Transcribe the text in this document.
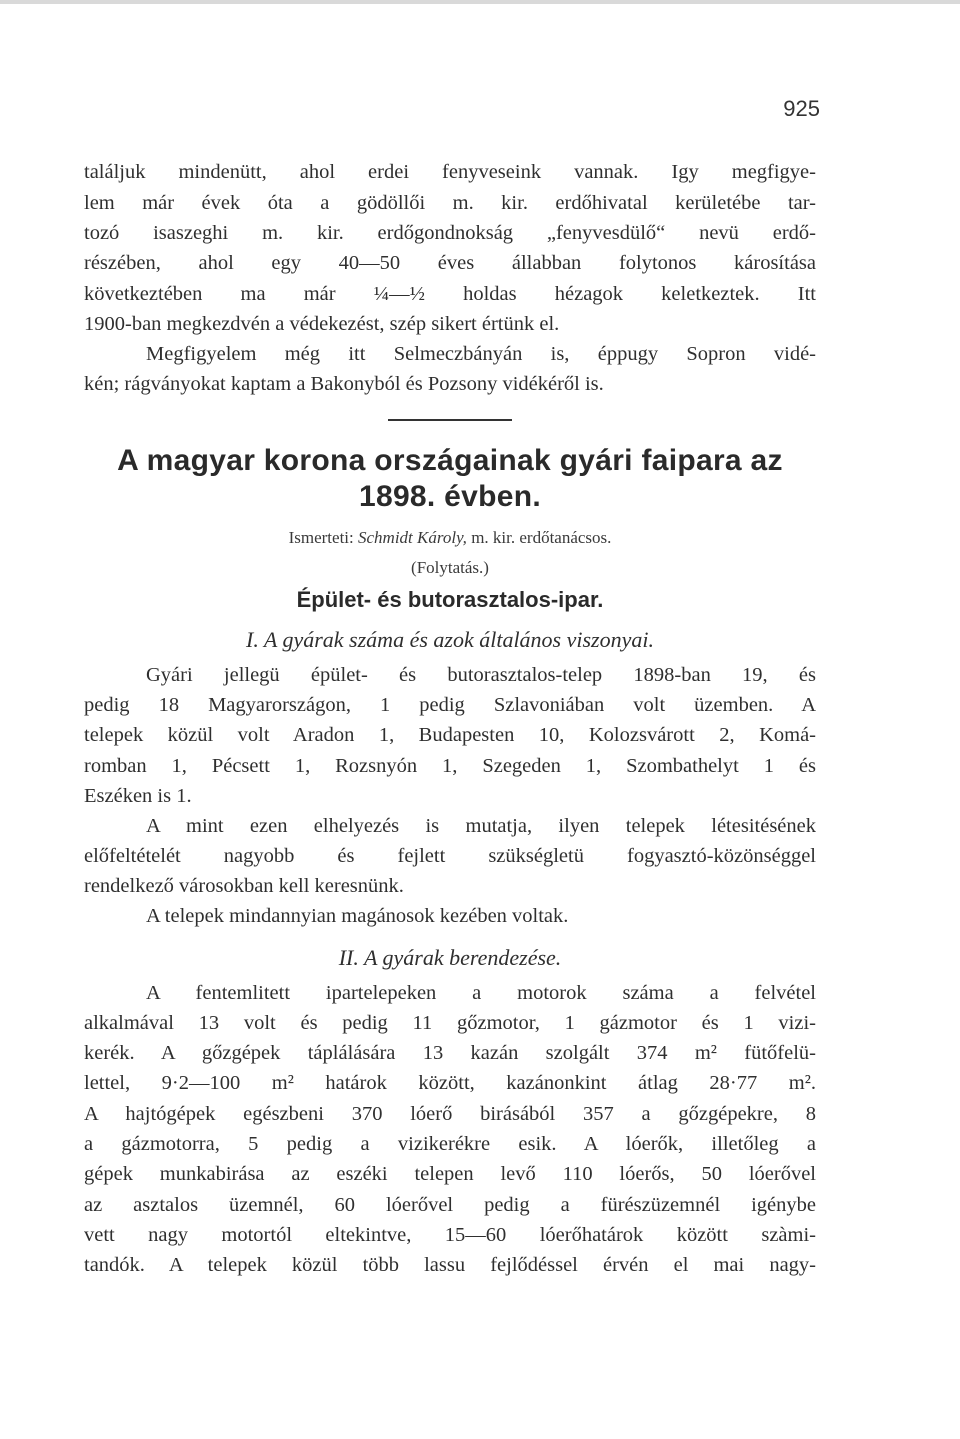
925
találjuk mindenütt, ahol erdei fenyveseink vannak. Igy megfigye-
lem már évek óta a gödöllői m. kir. erdőhivatal kerületébe tar-
tozó isaszeghi m. kir. erdőgondnokság „fenyvesdülő“ nevü erdő-
részében, ahol egy 40—50 éves állabban folytonos károsítása
következtében ma már ¼—½ holdas hézagok keletkeztek. Itt
1900-ban megkezdvén a védekezést, szép sikert értünk el.
Megfigyelem még itt Selmeczbányán is, éppugy Sopron vidé-
kén; rágványokat kaptam a Bakonyból és Pozsony vidékéről is.
A magyar korona országainak gyári faipara az
1898. évben.
Ismerteti: Schmidt Károly, m. kir. erdőtanácsos.
(Folytatás.)
Épület- és butorasztalos-ipar.
I. A gyárak száma és azok általános viszonyai.
Gyári jellegü épület- és butorasztalos-telep 1898-ban 19, és
pedig 18 Magyarországon, 1 pedig Szlavoniában volt üzemben. A
telepek közül volt Aradon 1, Budapesten 10, Kolozsvárott 2, Komá-
romban 1, Pécsett 1, Rozsnyón 1, Szegeden 1, Szombathelyt 1 és
Eszéken is 1.
A mint ezen elhelyezés is mutatja, ilyen telepek létesitésének
előfeltételét nagyobb és fejlett szükségletü fogyasztó-közönséggel
rendelkező városokban kell keresnünk.
A telepek mindannyian magánosok kezében voltak.
II. A gyárak berendezése.
A fentemlitett ipartelepeken a motorok száma a felvétel
alkalmával 13 volt és pedig 11 gőzmotor, 1 gázmotor és 1 vizi-
kerék. A gőzgépek táplálására 13 kazán szolgált 374 m² fütőfelü-
lettel, 9·2—100 m² határok között, kazánonkint átlag 28·77 m².
A hajtógépek egészbeni 370 lóerő birásából 357 a gőzgépekre, 8
a gázmotorra, 5 pedig a vizikerékre esik. A lóerők, illetőleg a
gépek munkabirása az eszéki telepen levő 110 lóerős, 50 lóerővel
az asztalos üzemnél, 60 lóerővel pedig a fürészüzemnél igénybe
vett nagy motortól eltekintve, 15—60 lóerőhatárok között szàmi-
tandók. A telepek közül több lassu fejlődéssel érvén el mai nagy-
